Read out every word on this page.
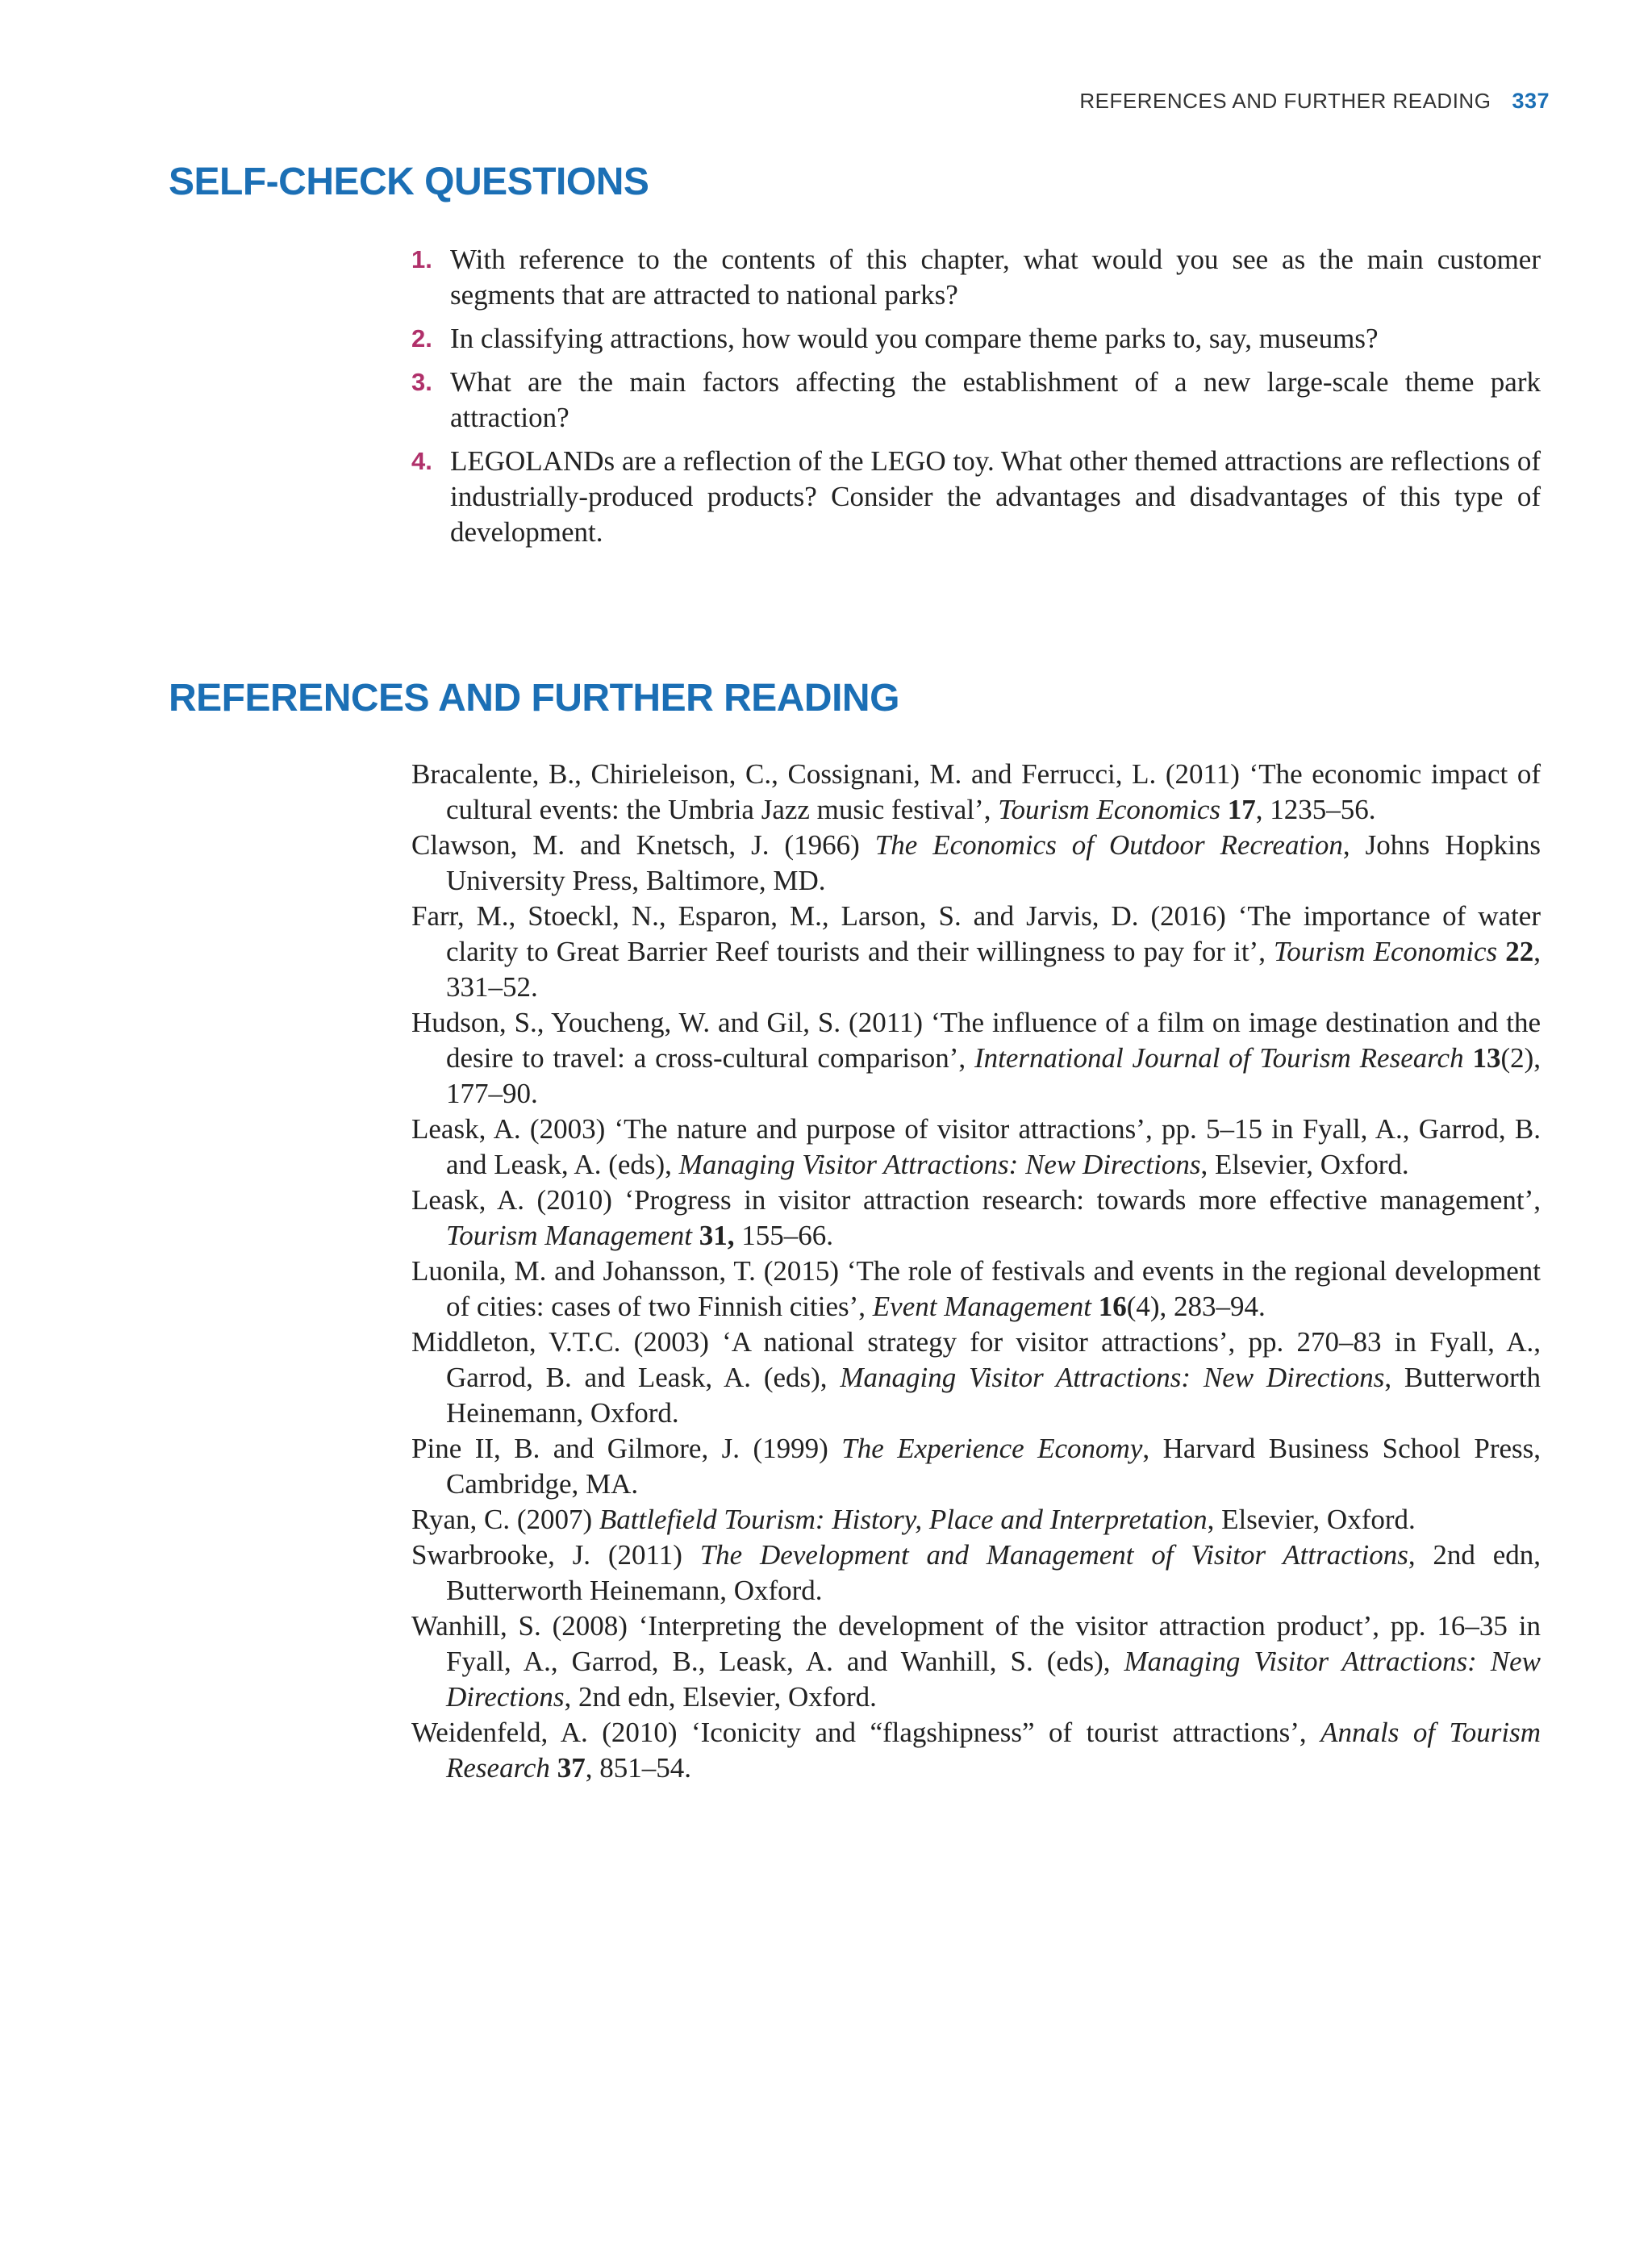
REFERENCES AND FURTHER READING 337
SELF-CHECK QUESTIONS
1. With reference to the contents of this chapter, what would you see as the main customer segments that are attracted to national parks?
2. In classifying attractions, how would you compare theme parks to, say, museums?
3. What are the main factors affecting the establishment of a new large-scale theme park attraction?
4. LEGOLANDs are a reflection of the LEGO toy. What other themed attractions are reflections of industrially-produced products? Consider the advantages and disadvantages of this type of development.
REFERENCES AND FURTHER READING

Bracalente, B., Chirieleison, C., Cossignani, M. and Ferrucci, L. (2011) ‘The economic impact of cultural events: the Umbria Jazz music festival’, Tourism Economics 17, 1235–56.

Clawson, M. and Knetsch, J. (1966) The Economics of Outdoor Recreation, Johns Hopkins University Press, Baltimore, MD.

Farr, M., Stoeckl, N., Esparon, M., Larson, S. and Jarvis, D. (2016) ‘The importance of water clarity to Great Barrier Reef tourists and their willingness to pay for it’, Tourism Economics 22, 331–52.

Hudson, S., Youcheng, W. and Gil, S. (2011) ‘The influence of a film on image destination and the desire to travel: a cross-cultural comparison’, International Journal of Tourism Research 13(2), 177–90.

Leask, A. (2003) ‘The nature and purpose of visitor attractions’, pp. 5–15 in Fyall, A., Garrod, B. and Leask, A. (eds), Managing Visitor Attractions: New Directions, Elsevier, Oxford.

Leask, A. (2010) ‘Progress in visitor attraction research: towards more effective management’, Tourism Management 31, 155–66.

Luonila, M. and Johansson, T. (2015) ‘The role of festivals and events in the regional development of cities: cases of two Finnish cities’, Event Management 16(4), 283–94.

Middleton, V.T.C. (2003) ‘A national strategy for visitor attractions’, pp. 270–83 in Fyall, A., Garrod, B. and Leask, A. (eds), Managing Visitor Attractions: New Directions, Butterworth Heinemann, Oxford.

Pine II, B. and Gilmore, J. (1999) The Experience Economy, Harvard Business School Press, Cambridge, MA.

Ryan, C. (2007) Battlefield Tourism: History, Place and Interpretation, Elsevier, Oxford.

Swarbrooke, J. (2011) The Development and Management of Visitor Attractions, 2nd edn, Butterworth Heinemann, Oxford.

Wanhill, S. (2008) ‘Interpreting the development of the visitor attraction product’, pp. 16–35 in Fyall, A., Garrod, B., Leask, A. and Wanhill, S. (eds), Managing Visitor Attractions: New Directions, 2nd edn, Elsevier, Oxford.

Weidenfeld, A. (2010) ‘Iconicity and “flagshipness” of tourist attractions’, Annals of Tourism Research 37, 851–54.
